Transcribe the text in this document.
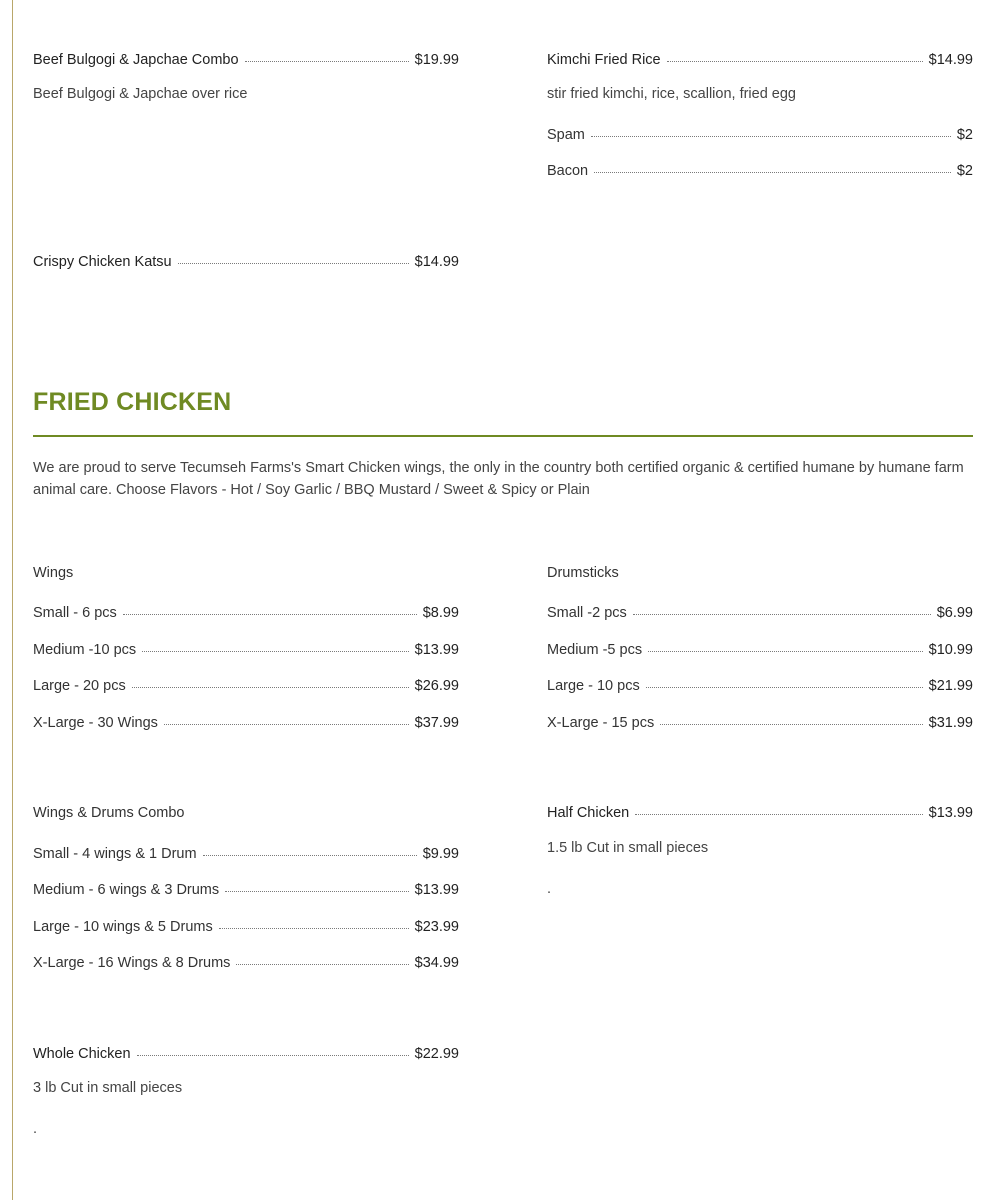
Beef Bulgogi & Japchae Combo	$19.99
Beef Bulgogi & Japchae over rice
Kimchi Fried Rice	$14.99
stir fried kimchi, rice, scallion, fried egg
Spam	$2
Bacon	$2
Crispy Chicken Katsu	$14.99
FRIED CHICKEN
We are proud to serve Tecumseh Farms's Smart Chicken wings, the only in the country both certified organic & certified humane by humane farm animal care. Choose Flavors - Hot / Soy Garlic / BBQ Mustard / Sweet & Spicy or Plain
Wings
Small - 6 pcs	$8.99
Medium -10 pcs	$13.99
Large - 20 pcs	$26.99
X-Large - 30 Wings	$37.99
Drumsticks
Small -2 pcs	$6.99
Medium -5 pcs	$10.99
Large - 10 pcs	$21.99
X-Large - 15 pcs	$31.99
Wings & Drums Combo
Small - 4 wings & 1 Drum	$9.99
Medium - 6 wings & 3 Drums	$13.99
Large - 10 wings & 5 Drums	$23.99
X-Large - 16 Wings & 8 Drums	$34.99
Half Chicken	$13.99
1.5 lb Cut in small pieces
.
Whole Chicken	$22.99
3 lb Cut in small pieces
.
